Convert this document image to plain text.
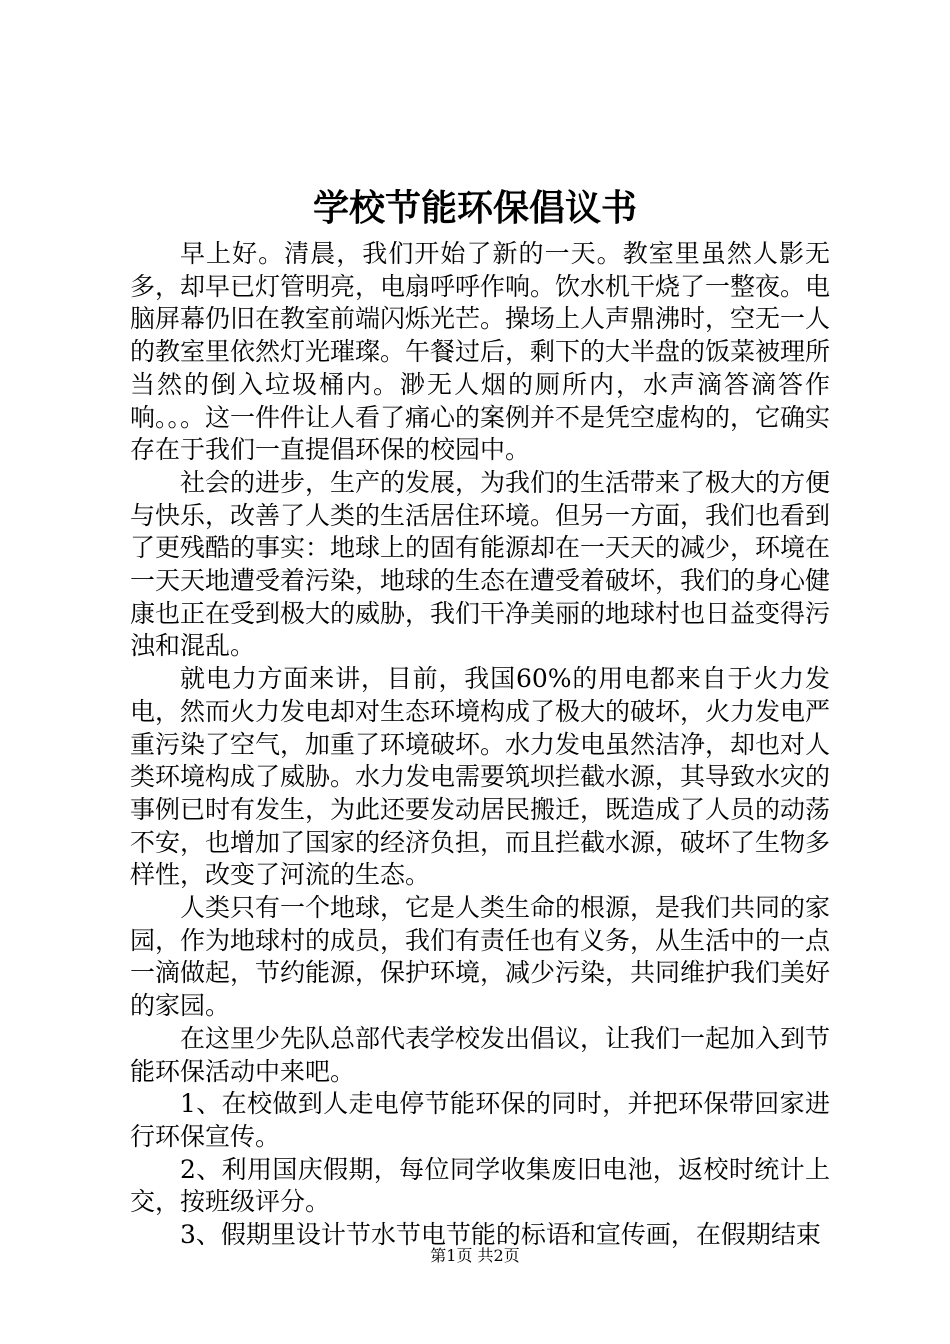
学校节能环保倡议书

早上好。清晨，我们开始了新的一天。教室里虽然人影无多，却早已灯管明亮，电扇呼呼作响。饮水机干烧了一整夜。电脑屏幕仍旧在教室前端闪烁光芒。操场上人声鼎沸时，空无一人的教室里依然灯光璀璨。午餐过后，剩下的大半盘的饭菜被理所当然的倒入垃圾桶内。渺无人烟的厕所内，水声滴答滴答作响。。。这一件件让人看了痛心的案例并不是凭空虚构的，它确实存在于我们一直提倡环保的校园中。

社会的进步，生产的发展，为我们的生活带来了极大的方便与快乐，改善了人类的生活居住环境。但另一方面，我们也看到了更残酷的事实：地球上的固有能源却在一天天的减少，环境在一天天地遭受着污染，地球的生态在遭受着破坏，我们的身心健康也正在受到极大的威胁，我们干净美丽的地球村也日益变得污浊和混乱。

就电力方面来讲，目前，我国60%的用电都来自于火力发电，然而火力发电却对生态环境构成了极大的破坏，火力发电严重污染了空气，加重了环境破坏。水力发电虽然洁净，却也对人类环境构成了威胁。水力发电需要筑坝拦截水源，其导致水灾的事例已时有发生，为此还要发动居民搬迁，既造成了人员的动荡不安，也增加了国家的经济负担，而且拦截水源，破坏了生物多样性，改变了河流的生态。

人类只有一个地球，它是人类生命的根源，是我们共同的家园，作为地球村的成员，我们有责任也有义务，从生活中的一点一滴做起，节约能源，保护环境，减少污染，共同维护我们美好的家园。

在这里少先队总部代表学校发出倡议，让我们一起加入到节能环保活动中来吧。

1、在校做到人走电停节能环保的同时，并把环保带回家进行环保宣传。

2、利用国庆假期，每位同学收集废旧电池，返校时统计上交，按班级评分。

3、假期里设计节水节电节能的标语和宣传画，在假期结束

第1页 共2页
